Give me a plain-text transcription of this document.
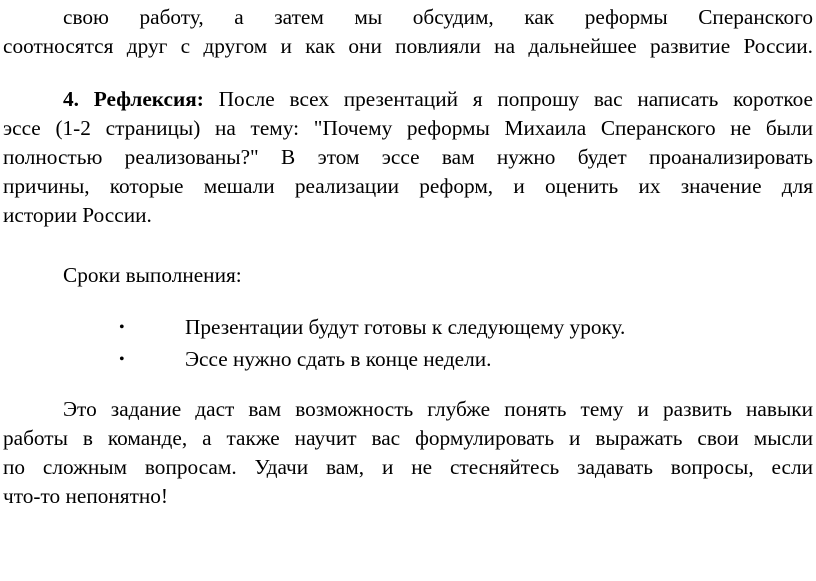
свою работу, а затем мы обсудим, как реформы Сперанского
соотносятся друг с другом и как они повлияли на дальнейшее развитие России.
4. Рефлексия: После всех презентаций я попрошу вас написать короткое
эссе (1-2 страницы) на тему: "Почему реформы Михаила Сперанского не были
полностью реализованы?" В этом эссе вам нужно будет проанализировать
причины, которые мешали реализации реформ, и оценить их значение для
истории России.
Сроки выполнения:
•	Презентации будут готовы к следующему уроку.
•	Эссе нужно сдать в конце недели.
Это задание даст вам возможность глубже понять тему и развить навыки
работы в команде, а также научит вас формулировать и выражать свои мысли
по сложным вопросам. Удачи вам, и не стесняйтесь задавать вопросы, если
что-то непонятно!
